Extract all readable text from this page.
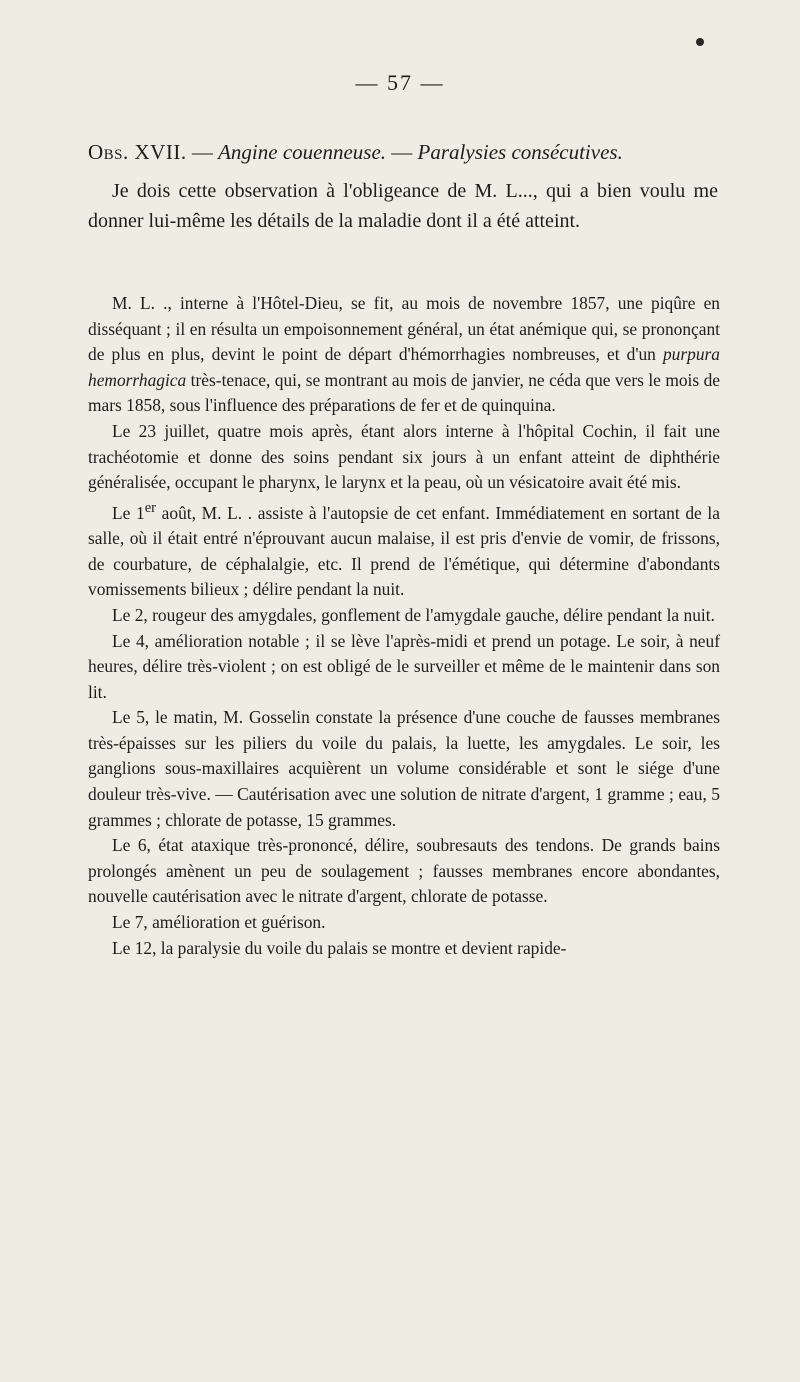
— 57 —
Obs. XVII. — Angine couenneuse. — Paralysies consécutives.

Je dois cette observation à l'obligeance de M. L..., qui a bien voulu me donner lui-même les détails de la maladie dont il a été atteint.

M. L. ., interne à l'Hôtel-Dieu, se fit, au mois de novembre 1857, une piqûre en disséquant ; il en résulta un empoisonnement général, un état anémique qui, se prononçant de plus en plus, devint le point de départ d'hémorrhagies nombreuses, et d'un purpura hemorrhagica très-tenace, qui, se montrant au mois de janvier, ne céda que vers le mois de mars 1858, sous l'influence des préparations de fer et de quinquina.

Le 23 juillet, quatre mois après, étant alors interne à l'hôpital Cochin, il fait une trachéotomie et donne des soins pendant six jours à un enfant atteint de diphthérie généralisée, occupant le pharynx, le larynx et la peau, où un vésicatoire avait été mis.

Le 1er août, M. L. . assiste à l'autopsie de cet enfant. Immédiatement en sortant de la salle, où il était entré n'éprouvant aucun malaise, il est pris d'envie de vomir, de frissons, de courbature, de céphalalgie, etc. Il prend de l'émétique, qui détermine d'abondants vomissements bilieux ; délire pendant la nuit.

Le 2, rougeur des amygdales, gonflement de l'amygdale gauche, délire pendant la nuit.

Le 4, amélioration notable ; il se lève l'après-midi et prend un potage. Le soir, à neuf heures, délire très-violent ; on est obligé de le surveiller et même de le maintenir dans son lit.

Le 5, le matin, M. Gosselin constate la présence d'une couche de fausses membranes très-épaisses sur les piliers du voile du palais, la luette, les amygdales. Le soir, les ganglions sous-maxillaires acquièrent un volume considérable et sont le siége d'une douleur très-vive. — Cautérisation avec une solution de nitrate d'argent, 1 gramme ; eau, 5 grammes ; chlorate de potasse, 15 grammes.

Le 6, état ataxique très-prononcé, délire, soubresauts des tendons. De grands bains prolongés amènent un peu de soulagement ; fausses membranes encore abondantes, nouvelle cautérisation avec le nitrate d'argent, chlorate de potasse.

Le 7, amélioration et guérison.

Le 12, la paralysie du voile du palais se montre et devient rapide-
